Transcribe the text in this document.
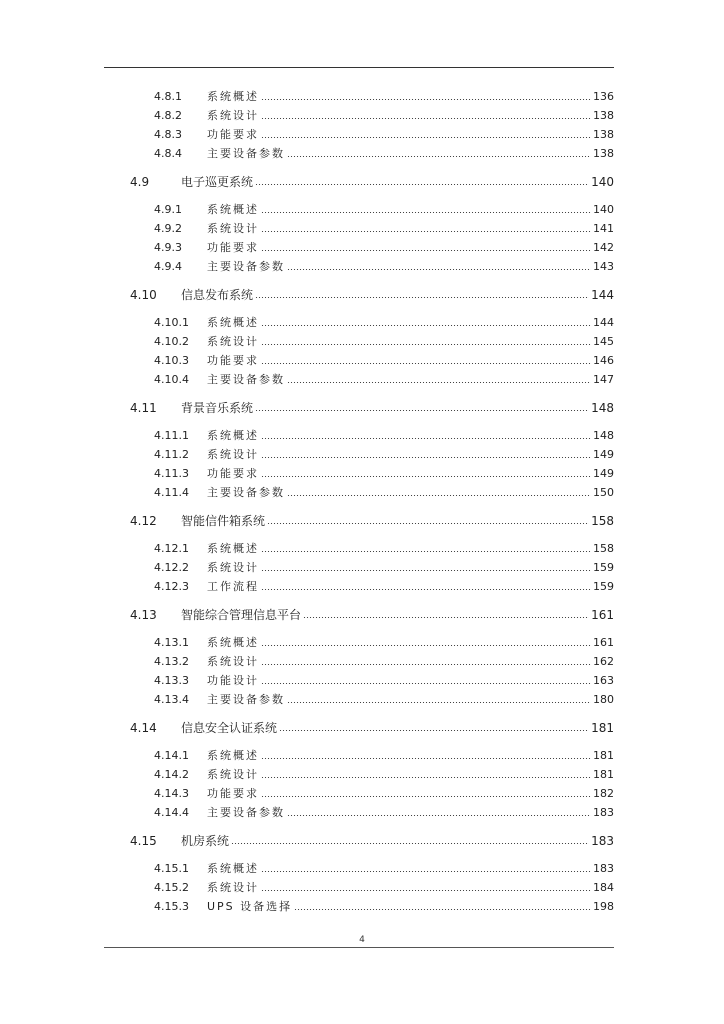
4.8.1	系统概述	136
4.8.2	系统设计	138
4.8.3	功能要求	138
4.8.4	主要设备参数	138
4.9	电子巡更系统	140
4.9.1	系统概述	140
4.9.2	系统设计	141
4.9.3	功能要求	142
4.9.4	主要设备参数	143
4.10	信息发布系统	144
4.10.1	系统概述	144
4.10.2	系统设计	145
4.10.3	功能要求	146
4.10.4	主要设备参数	147
4.11	背景音乐系统	148
4.11.1	系统概述	148
4.11.2	系统设计	149
4.11.3	功能要求	149
4.11.4	主要设备参数	150
4.12	智能信件箱系统	158
4.12.1	系统概述	158
4.12.2	系统设计	159
4.12.3	工作流程	159
4.13	智能综合管理信息平台	161
4.13.1	系统概述	161
4.13.2	系统设计	162
4.13.3	功能设计	163
4.13.4	主要设备参数	180
4.14	信息安全认证系统	181
4.14.1	系统概述	181
4.14.2	系统设计	181
4.14.3	功能要求	182
4.14.4	主要设备参数	183
4.15	机房系统	183
4.15.1	系统概述	183
4.15.2	系统设计	184
4.15.3	UPS 设备选择	198
4
